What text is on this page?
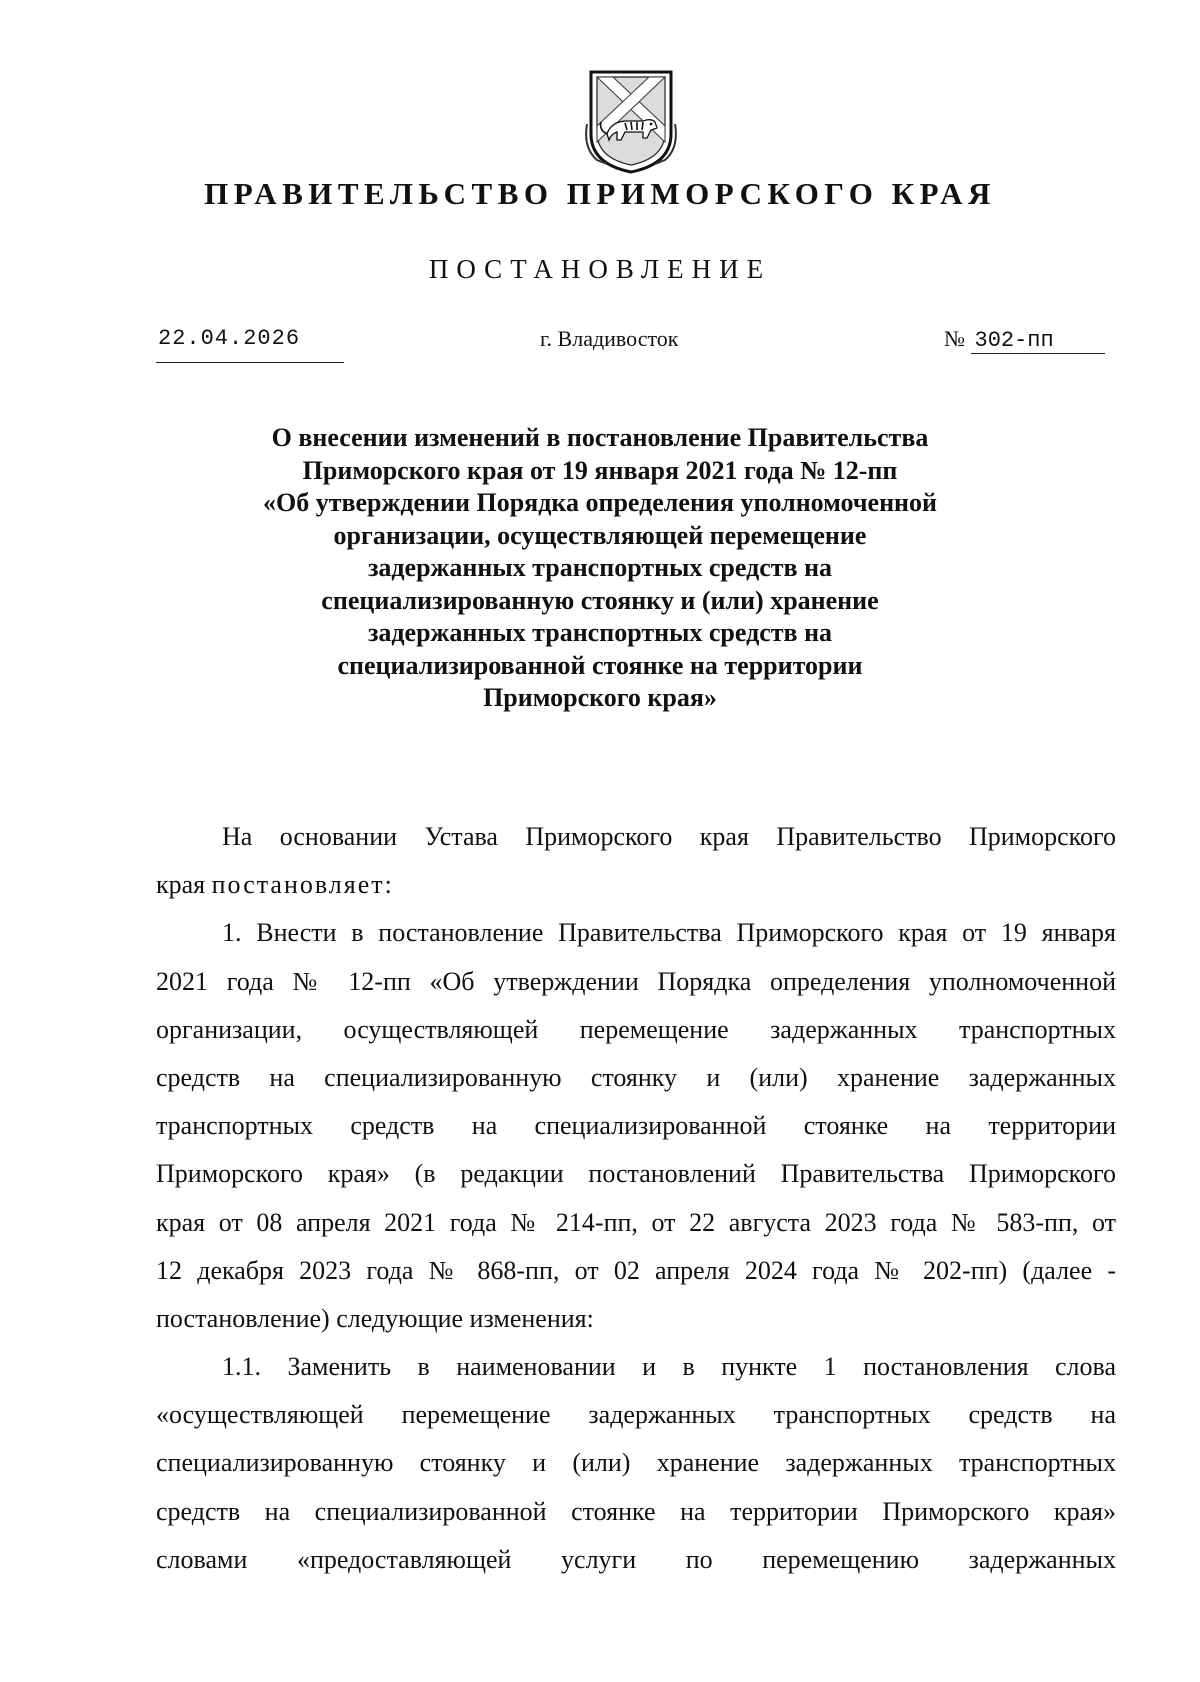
ПРАВИТЕЛЬСТВО ПРИМОРСКОГО КРАЯ
ПОСТАНОВЛЕНИЕ
22.04.2026	г. Владивосток	№ 302-пп
О внесении изменений в постановление Правительства
Приморского края от 19 января 2021 года № 12-пп
«Об утверждении Порядка определения уполномоченной
организации, осуществляющей перемещение
задержанных транспортных средств на
специализированную стоянку и (или) хранение
задержанных транспортных средств на
специализированной стоянке на территории
Приморского края»
На основании Устава Приморского края Правительство Приморского
края постановляет:
1. Внести в постановление Правительства Приморского края от 19 января
2021 года № 12-пп «Об утверждении Порядка определения уполномоченной
организации, осуществляющей перемещение задержанных транспортных
средств на специализированную стоянку и (или) хранение задержанных
транспортных средств на специализированной стоянке на территории
Приморского края» (в редакции постановлений Правительства Приморского
края от 08 апреля 2021 года № 214-пп, от 22 августа 2023 года № 583-пп, от
12 декабря 2023 года № 868-пп, от 02 апреля 2024 года № 202-пп) (далее -
постановление) следующие изменения:
1.1. Заменить в наименовании и в пункте 1 постановления слова
«осуществляющей перемещение задержанных транспортных средств на
специализированную стоянку и (или) хранение задержанных транспортных
средств на специализированной стоянке на территории Приморского края»
словами «предоставляющей услуги по перемещению задержанных
